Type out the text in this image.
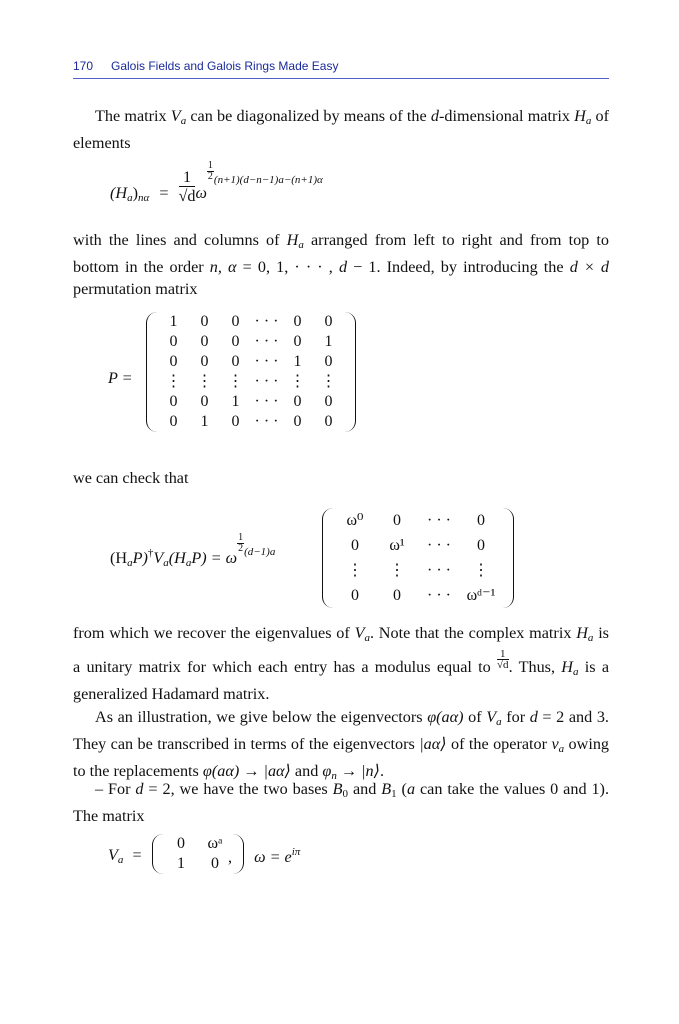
170 Galois Fields and Galois Rings Made Easy
The matrix $V_a$ can be diagonalized by means of the d-dimensional matrix $H_a$ of elements
$(H_a)_{n\alpha} = \frac{1}{√d}$ ω
$\frac{1}{2} (n+1)(d-n-1)a-(n+1)\alpha$
with the lines and columns of $H_a$ arranged from left to right and from top to bottom in the order n, α = 0, 1, · · · , d − 1. Indeed, by introducing the d × d permutation matrix
P =
1	0	0	· · ·	0	0
0	0	0	· · ·	0	1
0	0	0	· · ·	1	0
⋮	⋮	⋮	· · ·	⋮	⋮
0	0	1	· · ·	0	0
0	1	0	· · ·	0	0
we can check that
$(H_aP)^\dagger V_a(H_aP) = \omega$
$^{\frac{1}{2} (d-1)a}$
ω⁰	0	· · ·	0
0	ω¹	· · ·	0
⋮	⋮	· · ·	⋮
0	0	· · ·	ωᵈ⁻¹
from which we recover the eigenvalues of $V_a$. Note that the complex matrix $H_a$ is a unitary matrix for which each entry has a modulus equal to $\frac{1}{√d}$ . Thus, $H_a$ is a generalized Hadamard matrix.
As an illustration, we give below the eigenvectors φ(aα) of $V_a$ for d = 2 and 3. They can be transcribed in terms of the eigenvectors |aα⟩ of the operator $v_a$ owing to the replacements φ(aα) → |aα⟩ and $\varphi_n$ → |n⟩.
– For d = 2, we have the two bases $B_0$ and $B_1$ (a can take the values 0 and 1). The matrix
$V_a$ =
0	ωᵃ
1	0 , $\omega = e^{i\pi}$
